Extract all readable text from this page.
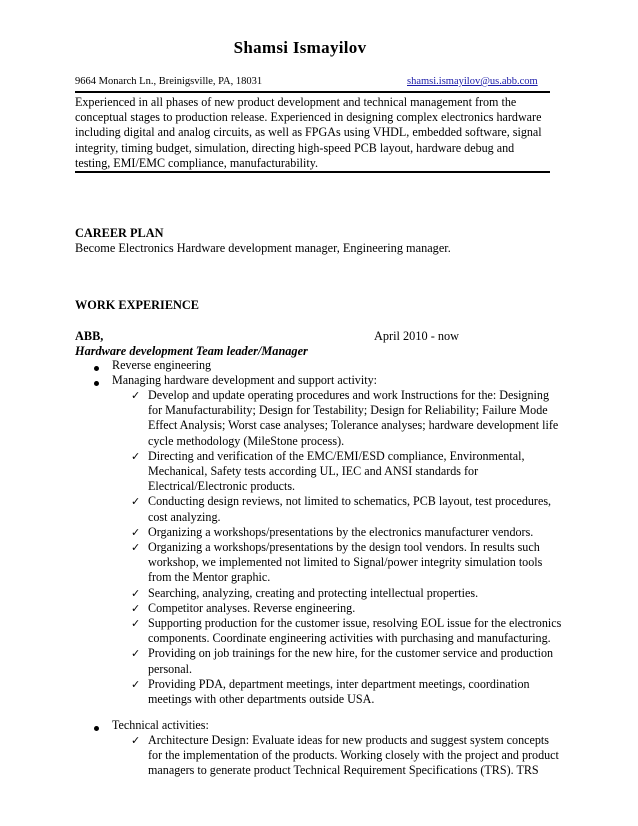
Shamsi Ismayilov
9664 Monarch Ln., Breinigsville, PA, 18031	shamsi.ismayilov@us.abb.com
Experienced in all phases of new product development and technical management from the
conceptual stages to production release. Experienced in designing complex electronics hardware
including digital and analog circuits, as well as FPGAs using VHDL, embedded software, signal
integrity, timing budget, simulation, directing high-speed PCB layout, hardware debug and
testing, EMI/EMC compliance, manufacturability.
CAREER PLAN
Become Electronics Hardware development manager, Engineering manager.
WORK EXPERIENCE
ABB,	April 2010 - now
Hardware development Team leader/Manager
Reverse engineering
Managing hardware development and support activity:
✓ Develop and update operating procedures and work Instructions for the: Designing
for Manufacturability; Design for Testability; Design for Reliability; Failure Mode
Effect Analysis; Worst case analyses; Tolerance analyses; hardware development life
cycle methodology (MileStone process).
✓ Directing and verification of the EMC/EMI/ESD compliance, Environmental,
Mechanical, Safety tests according UL, IEC and ANSI standards for
Electrical/Electronic products.
✓ Conducting design reviews, not limited to schematics, PCB layout, test procedures,
cost analyzing.
✓ Organizing a workshops/presentations by the electronics manufacturer vendors.
✓ Organizing a workshops/presentations by the design tool vendors. In results such
workshop, we implemented not limited to Signal/power integrity simulation tools
from the Mentor graphic.
✓ Searching, analyzing, creating and protecting intellectual properties.
✓ Competitor analyses. Reverse engineering.
✓ Supporting production for the customer issue, resolving EOL issue for the electronics
components. Coordinate engineering activities with purchasing and manufacturing.
✓ Providing on job trainings for the new hire, for the customer service and production
personal.
✓ Providing PDA, department meetings, inter department meetings, coordination
meetings with other departments outside USA.
Technical activities:
✓ Architecture Design: Evaluate ideas for new products and suggest system concepts
for the implementation of the products. Working closely with the project and product
managers to generate product Technical Requirement Specifications (TRS). TRS
